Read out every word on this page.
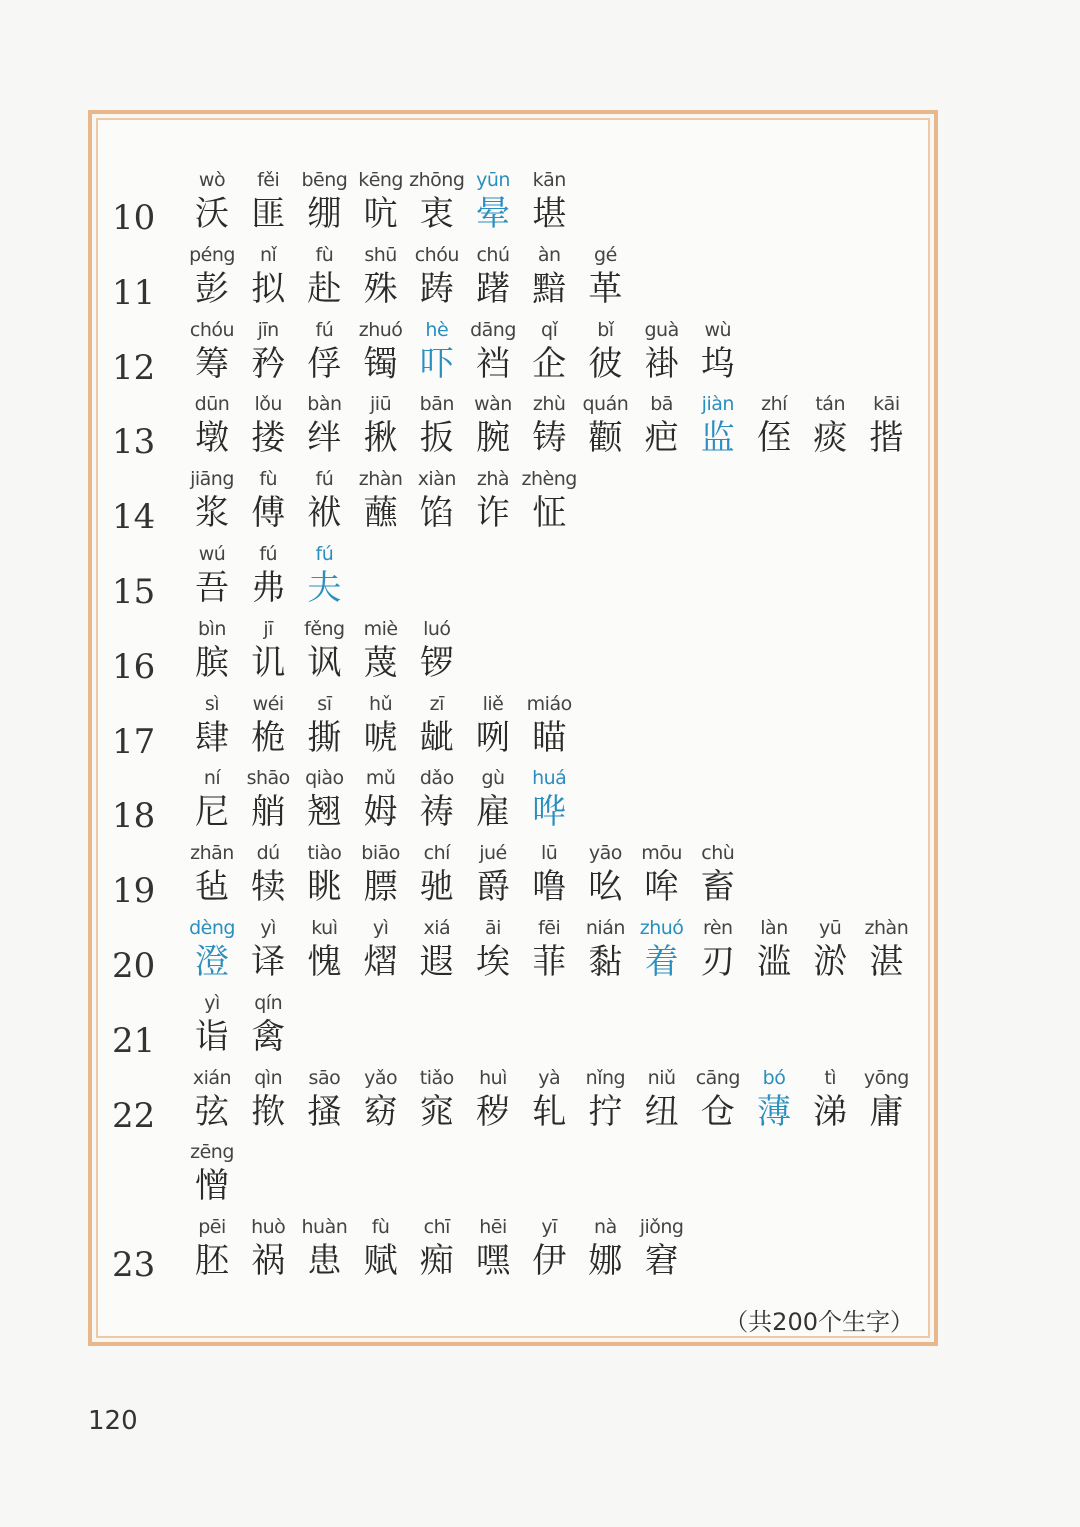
10
wò
沃
fěi
匪
bēng
绷
kēng
吭
zhōng
衷
yūn
晕
kān
堪
11
péng
彭
nǐ
拟
fù
赴
shū
殊
chóu
踌
chú
躇
àn
黯
gé
革
12
chóu
筹
jīn
矜
fú
俘
zhuó
镯
hè
吓
dāng
裆
qǐ
企
bǐ
彼
guà
褂
wù
坞
13
dūn
墩
lǒu
搂
bàn
绊
jiū
揪
bān
扳
wàn
腕
zhù
铸
quán
颧
bā
疤
jiàn
监
zhí
侄
tán
痰
kāi
揩
14
jiāng
浆
fù
傅
fú
袱
zhàn
蘸
xiàn
馅
zhà
诈
zhèng
怔
15
wú
吾
fú
弗
fú
夫
16
bìn
膑
jī
讥
fěng
讽
miè
蔑
luó
锣
17
sì
肆
wéi
桅
sī
撕
hǔ
唬
zī
龇
liě
咧
miáo
瞄
18
ní
尼
shāo
艄
qiào
翘
mǔ
姆
dǎo
祷
gù
雇
huá
哗
19
zhān
毡
dú
犊
tiào
眺
biāo
膘
chí
驰
jué
爵
lū
噜
yāo
吆
mōu
哞
chù
畜
20
dèng
澄
yì
译
kuì
愧
yì
熠
xiá
遐
āi
埃
fēi
菲
nián
黏
zhuó
着
rèn
刃
làn
滥
yū
淤
zhàn
湛
21
yì
诣
qín
禽
22
xián
弦
qìn
揿
sāo
搔
yǎo
窈
tiǎo
窕
huì
秽
yà
轧
nǐng
拧
niǔ
纽
cāng
仓
bó
薄
tì
涕
yōng
庸
zēng
憎
23
pēi
胚
huò
祸
huàn
患
fù
赋
chī
痴
hēi
嘿
yī
伊
nà
娜
jiǒng
窘
（共200个生字）
120
